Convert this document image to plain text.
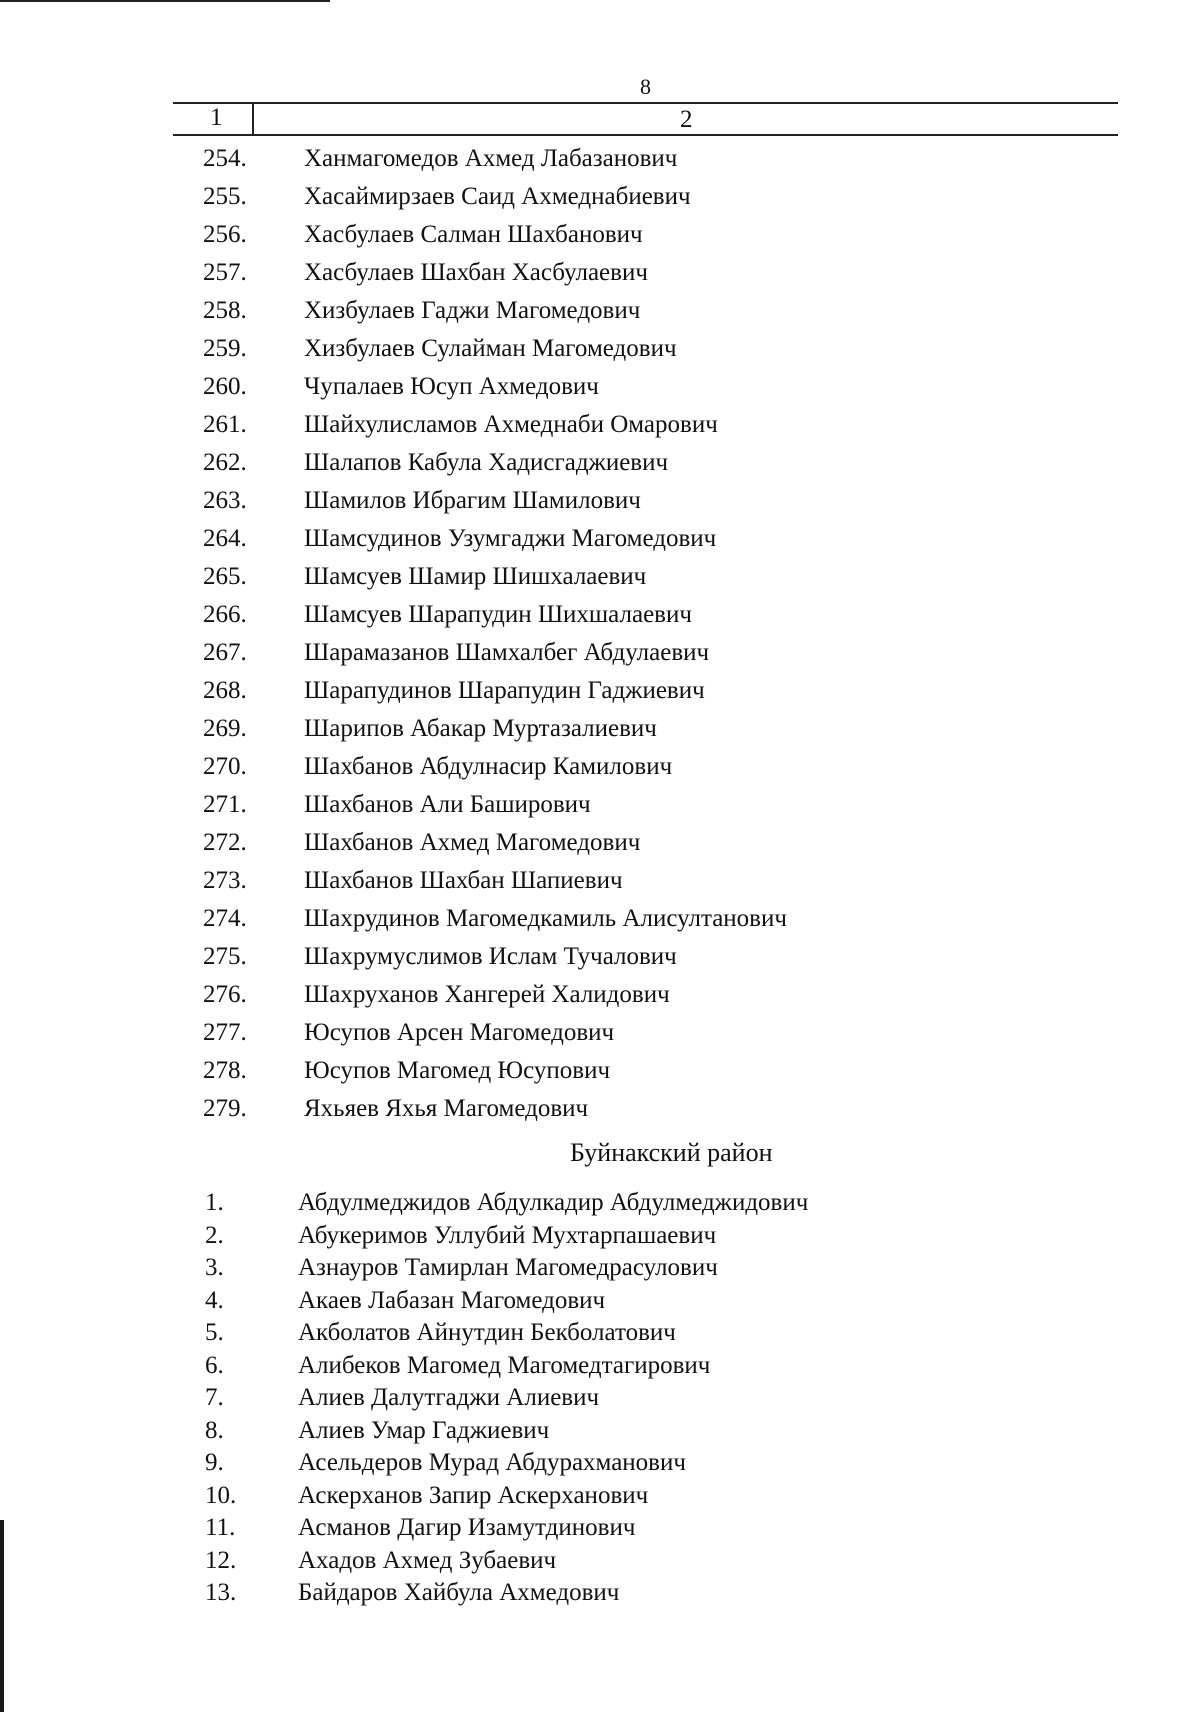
8
1	2
254. Ханмагомедов Ахмед Лабазанович
255. Хасаймирзаев Саид Ахмеднабиевич
256. Хасбулаев Салман Шахбанович
257. Хасбулаев Шахбан Хасбулаевич
258. Хизбулаев Гаджи Магомедович
259. Хизбулаев Сулайман Магомедович
260. Чупалаев Юсуп Ахмедович
261. Шайхулисламов Ахмеднаби Омарович
262. Шалапов Кабула Хадисгаджиевич
263. Шамилов Ибрагим Шамилович
264. Шамсудинов Узумгаджи Магомедович
265. Шамсуев Шамир Шишхалаевич
266. Шамсуев Шарапудин Шихшалаевич
267. Шарамазанов Шамхалбег Абдулаевич
268. Шарапудинов Шарапудин Гаджиевич
269. Шарипов Абакар Муртазалиевич
270. Шахбанов Абдулнасир Камилович
271. Шахбанов Али Баширович
272. Шахбанов Ахмед Магомедович
273. Шахбанов Шахбан Шапиевич
274. Шахрудинов Магомедкамиль Алисултанович
275. Шахрумуслимов Ислам Тучалович
276. Шахруханов Хангерей Халидович
277. Юсупов Арсен Магомедович
278. Юсупов Магомед Юсупович
279. Яхьяев Яхья Магомедович
Буйнакский район
1.	Абдулмеджидов Абдулкадир Абдулмеджидович
2.	Абукеримов Уллубий Мухтарпашаевич
3.	Азнауров Тамирлан Магомедрасулович
4.	Акаев Лабазан Магомедович
5.	Акболатов Айнутдин Бекболатович
6.	Алибеков Магомед Магомедтагирович
7.	Алиев Далутгаджи Алиевич
8.	Алиев Умар Гаджиевич
9.	Асельдеров Мурад Абдурахманович
10. Аскерханов Запир Аскерханович
11.	Асманов Дагир Изамутдинович
12. Ахадов Ахмед Зубаевич
13. Байдаров Хайбула Ахмедович
